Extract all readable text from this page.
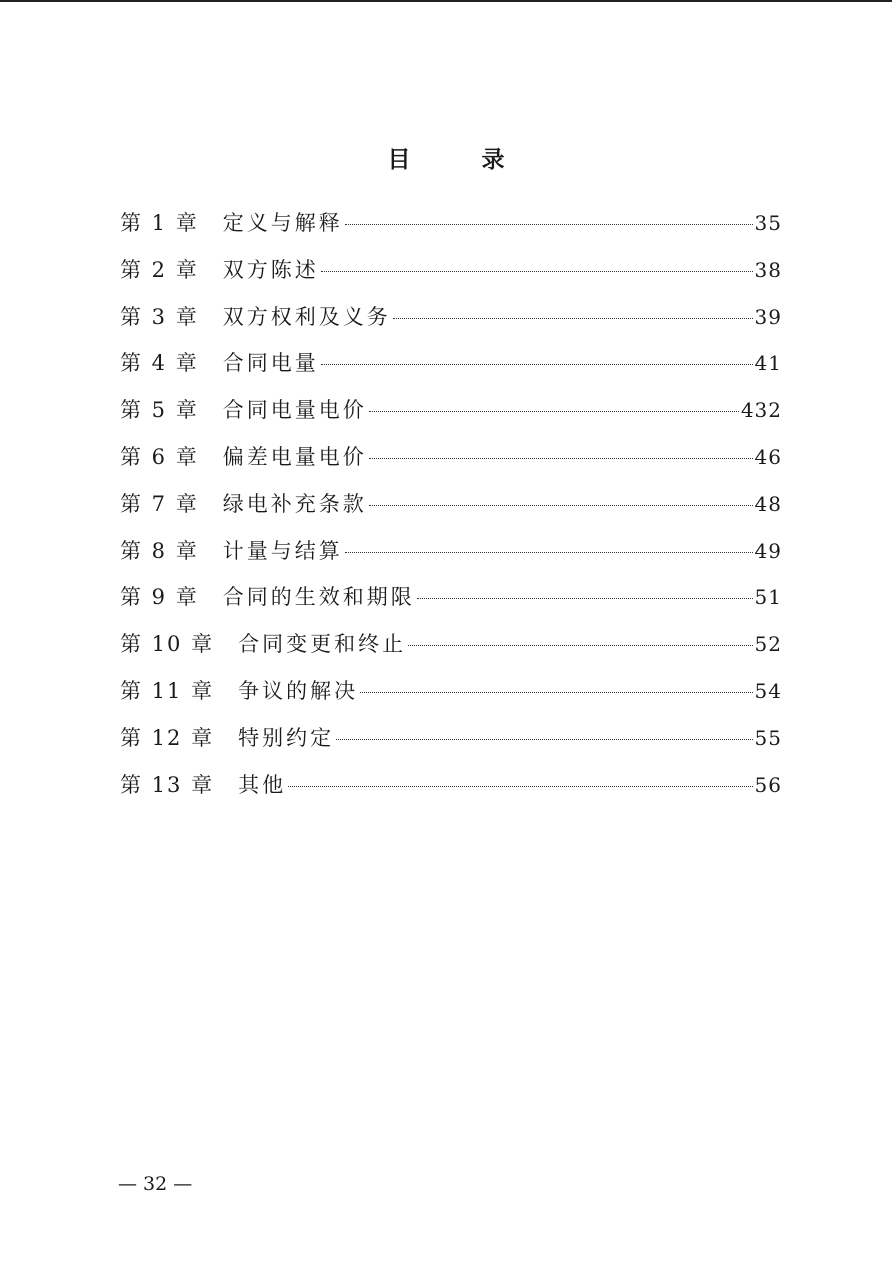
目　录
第 1 章 定义与解释	35
第 2 章 双方陈述	38
第 3 章 双方权利及义务	39
第 4 章 合同电量	41
第 5 章 合同电量电价	432
第 6 章 偏差电量电价	46
第 7 章 绿电补充条款	48
第 8 章 计量与结算	49
第 9 章 合同的生效和期限	51
第 10 章 合同变更和终止	52
第 11 章 争议的解决	54
第 12 章 特别约定	55
第 13 章 其他	56
— 32 —
